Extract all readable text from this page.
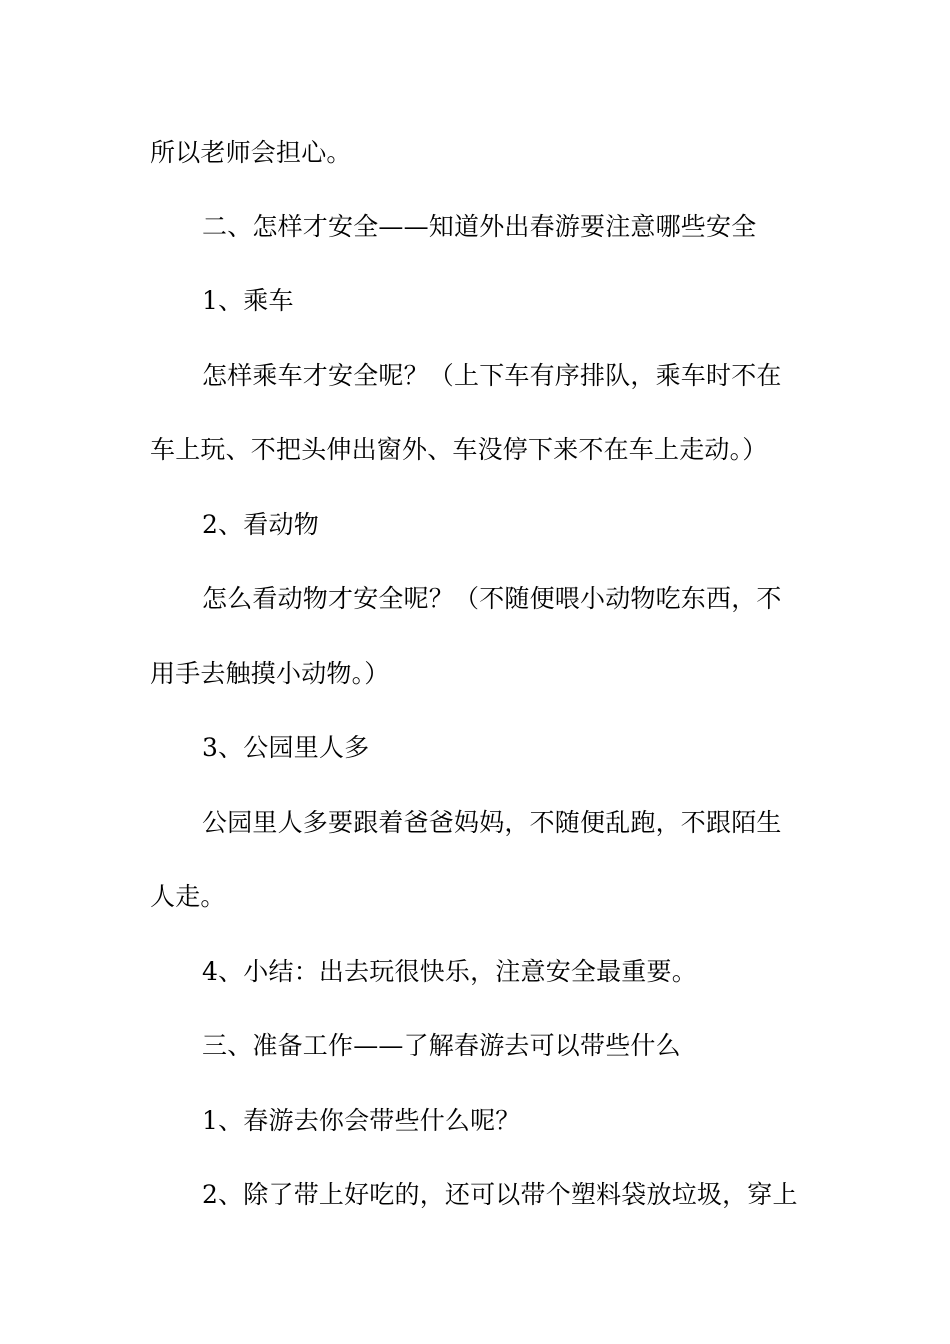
所以老师会担心。
二、怎样才安全——知道外出春游要注意哪些安全
1、乘车
怎样乘车才安全呢？（上下车有序排队，乘车时不在
车上玩、不把头伸出窗外、车没停下来不在车上走动。）
2、看动物
怎么看动物才安全呢？（不随便喂小动物吃东西，不
用手去触摸小动物。）
3、公园里人多
公园里人多要跟着爸爸妈妈，不随便乱跑，不跟陌生
人走。
4、小结：出去玩很快乐，注意安全最重要。
三、准备工作——了解春游去可以带些什么
1、春游去你会带些什么呢？
2、除了带上好吃的，还可以带个塑料袋放垃圾，穿上
